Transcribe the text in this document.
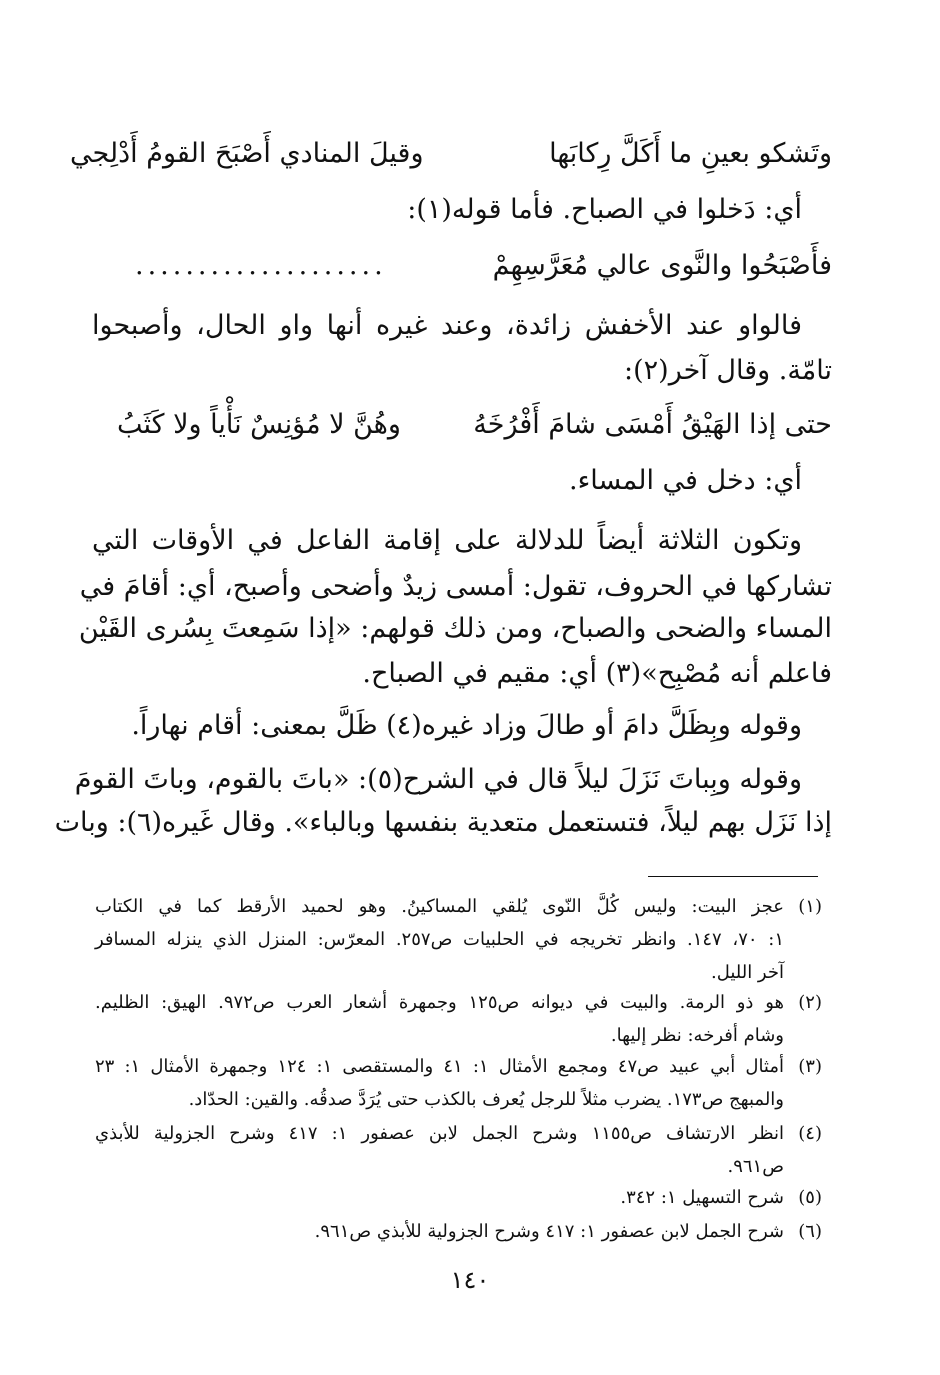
وتَشكو بعينِ ما أَكَلَّ رِكابَها
وقيلَ المنادي أَصْبَحَ القومُ أَدْلِجي
أي: دَخلوا في الصباح. فأما قوله(١):
فأَصْبَحُوا والنَّوى عالي مُعَرَّسِهِمْ
....................
فالواو عند الأخفش زائدة، وعند غيره أنها واو الحال، وأصبحوا
تامّة. وقال آخر(٢):
حتى إذا الهَيْقُ أَمْسَى شامَ أَفْرُخَهُ
وهُنَّ لا مُؤنِسٌ نَأْياً ولا كَثَبُ
أي: دخل في المساء.
وتكون الثلاثة أيضاً للدلالة على إقامة الفاعل في الأوقات التي
تشاركها في الحروف، تقول: أمسى زيدٌ وأضحى وأصبح، أي: أقامَ في
المساء والضحى والصباح، ومن ذلك قولهم: «إذا سَمِعتَ بِسُرى القَيْن
فاعلم أنه مُصْبِح»(٣) أي: مقيم في الصباح.
وقوله وبِظَلَّ دامَ أو طالَ وزاد غيره(٤) ظَلَّ بمعنى: أقام نهاراً.
وقوله وبِباتَ نَزَلَ ليلاً قال في الشرح(٥): «باتَ بالقوم، وباتَ القومَ
إذا نَزَل بهم ليلاً، فتستعمل متعدية بنفسها وبالباء». وقال غَيره(٦): وبات
(١)
عجز البيت: وليس كُلَّ النّوى يُلقي المساكينُ. وهو لحميد الأرقط كما في الكتاب
١: ٧٠، ١٤٧. وانظر تخريجه في الحلبيات ص٢٥٧. المعرّس: المنزل الذي ينزله المسافر
آخر الليل.
(٢)
هو ذو الرمة. والبيت في ديوانه ص١٢٥ وجمهرة أشعار العرب ص٩٧٢. الهيق: الظليم.
وشام أفرخه: نظر إليها.
(٣)
أمثال أبي عبيد ص٤٧ ومجمع الأمثال ١: ٤١ والمستقصى ١: ١٢٤ وجمهرة الأمثال ١: ٢٣
والمبهج ص١٧٣. يضرب مثلاً للرجل يُعرف بالكذب حتى يُرَدَّ صدقُه. والقين: الحدّاد.
(٤)
انظر الارتشاف ص١١٥٥ وشرح الجمل لابن عصفور ١: ٤١٧ وشرح الجزولية للأبذي
ص٩٦١.
(٥)
شرح التسهيل ١: ٣٤٢.
(٦)
شرح الجمل لابن عصفور ١: ٤١٧ وشرح الجزولية للأبذي ص٩٦١.
١٤٠
